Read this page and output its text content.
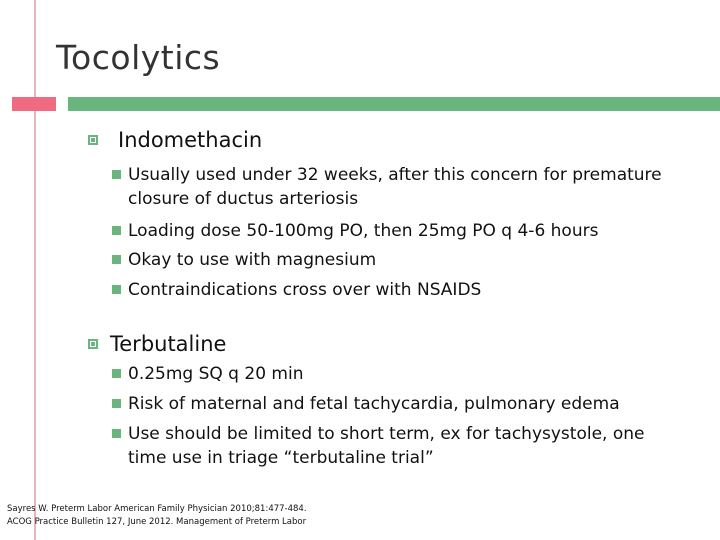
Tocolytics
Indomethacin
Usually used under 32 weeks, after this concern for premature closure of ductus arteriosis
Loading dose 50-100mg PO, then 25mg PO q 4-6 hours
Okay to use with magnesium
Contraindications cross over with NSAIDS
Terbutaline
0.25mg SQ q 20 min
Risk of maternal and fetal tachycardia, pulmonary edema
Use should be limited to short term, ex for tachysystole, one time use in triage “terbutaline trial”
Sayres W. Preterm Labor American Family Physician 2010;81:477-484.
ACOG Practice Bulletin 127, June 2012. Management of Preterm Labor
